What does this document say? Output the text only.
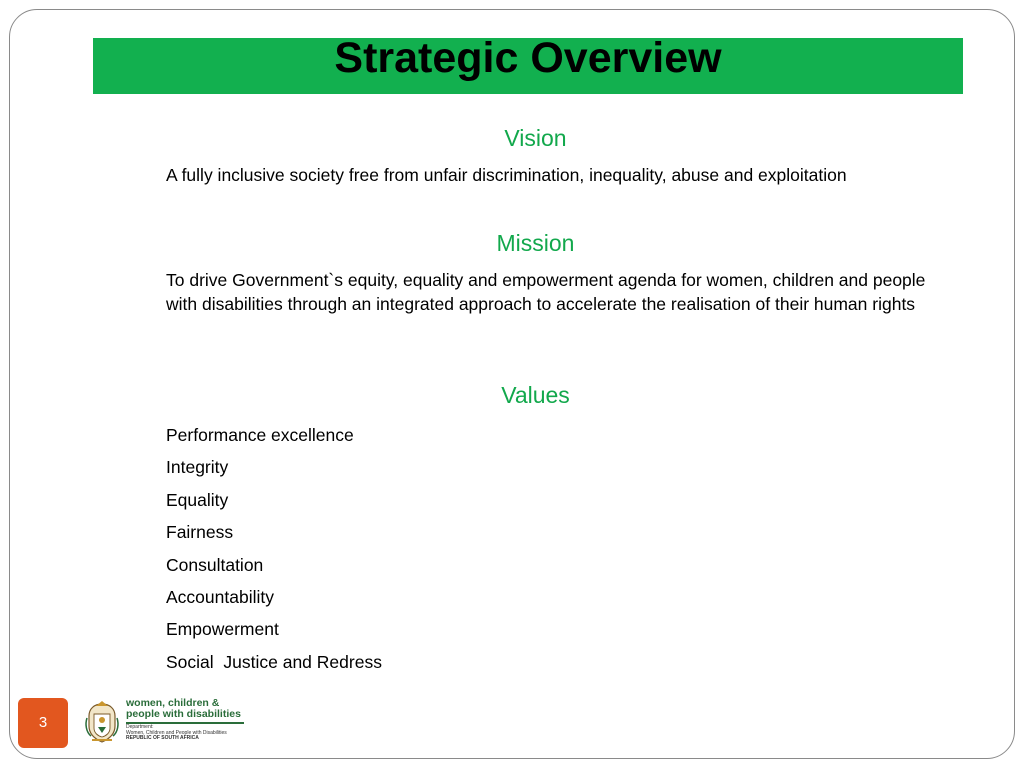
Strategic Overview
Vision
A fully inclusive society free from unfair discrimination, inequality, abuse and exploitation
Mission
To drive Government`s equity, equality and empowerment agenda for women, children and people with disabilities through an integrated approach to accelerate the realisation of their human rights
Values
Performance excellence
Integrity
Equality
Fairness
Consultation
Accountability
Empowerment
Social  Justice and Redress
3
women, children &
people with disabilities
Department:
Women, Children and People with Disabilities
REPUBLIC OF SOUTH AFRICA
